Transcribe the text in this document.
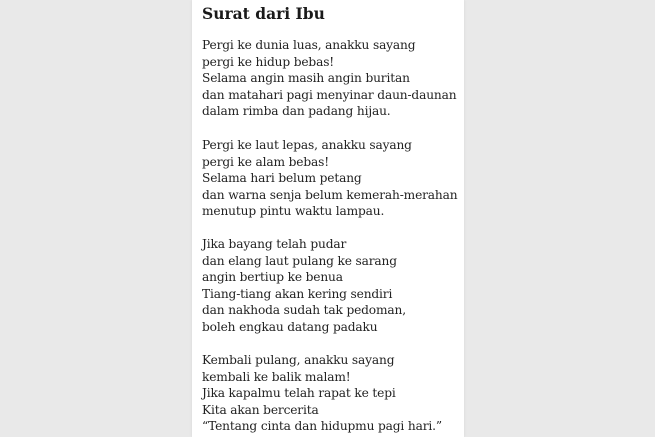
Surat dari Ibu
Pergi ke dunia luas, anakku sayang
pergi ke hidup bebas!
Selama angin masih angin buritan
dan matahari pagi menyinar daun-daunan
dalam rimba dan padang hijau.
Pergi ke laut lepas, anakku sayang
pergi ke alam bebas!
Selama hari belum petang
dan warna senja belum kemerah-merahan
menutup pintu waktu lampau.
Jika bayang telah pudar
dan elang laut pulang ke sarang
angin bertiup ke benua
Tiang-tiang akan kering sendiri
dan nakhoda sudah tak pedoman,
boleh engkau datang padaku
Kembali pulang, anakku sayang
kembali ke balik malam!
Jika kapalmu telah rapat ke tepi
Kita akan bercerita
“Tentang cinta dan hidupmu pagi hari.”
